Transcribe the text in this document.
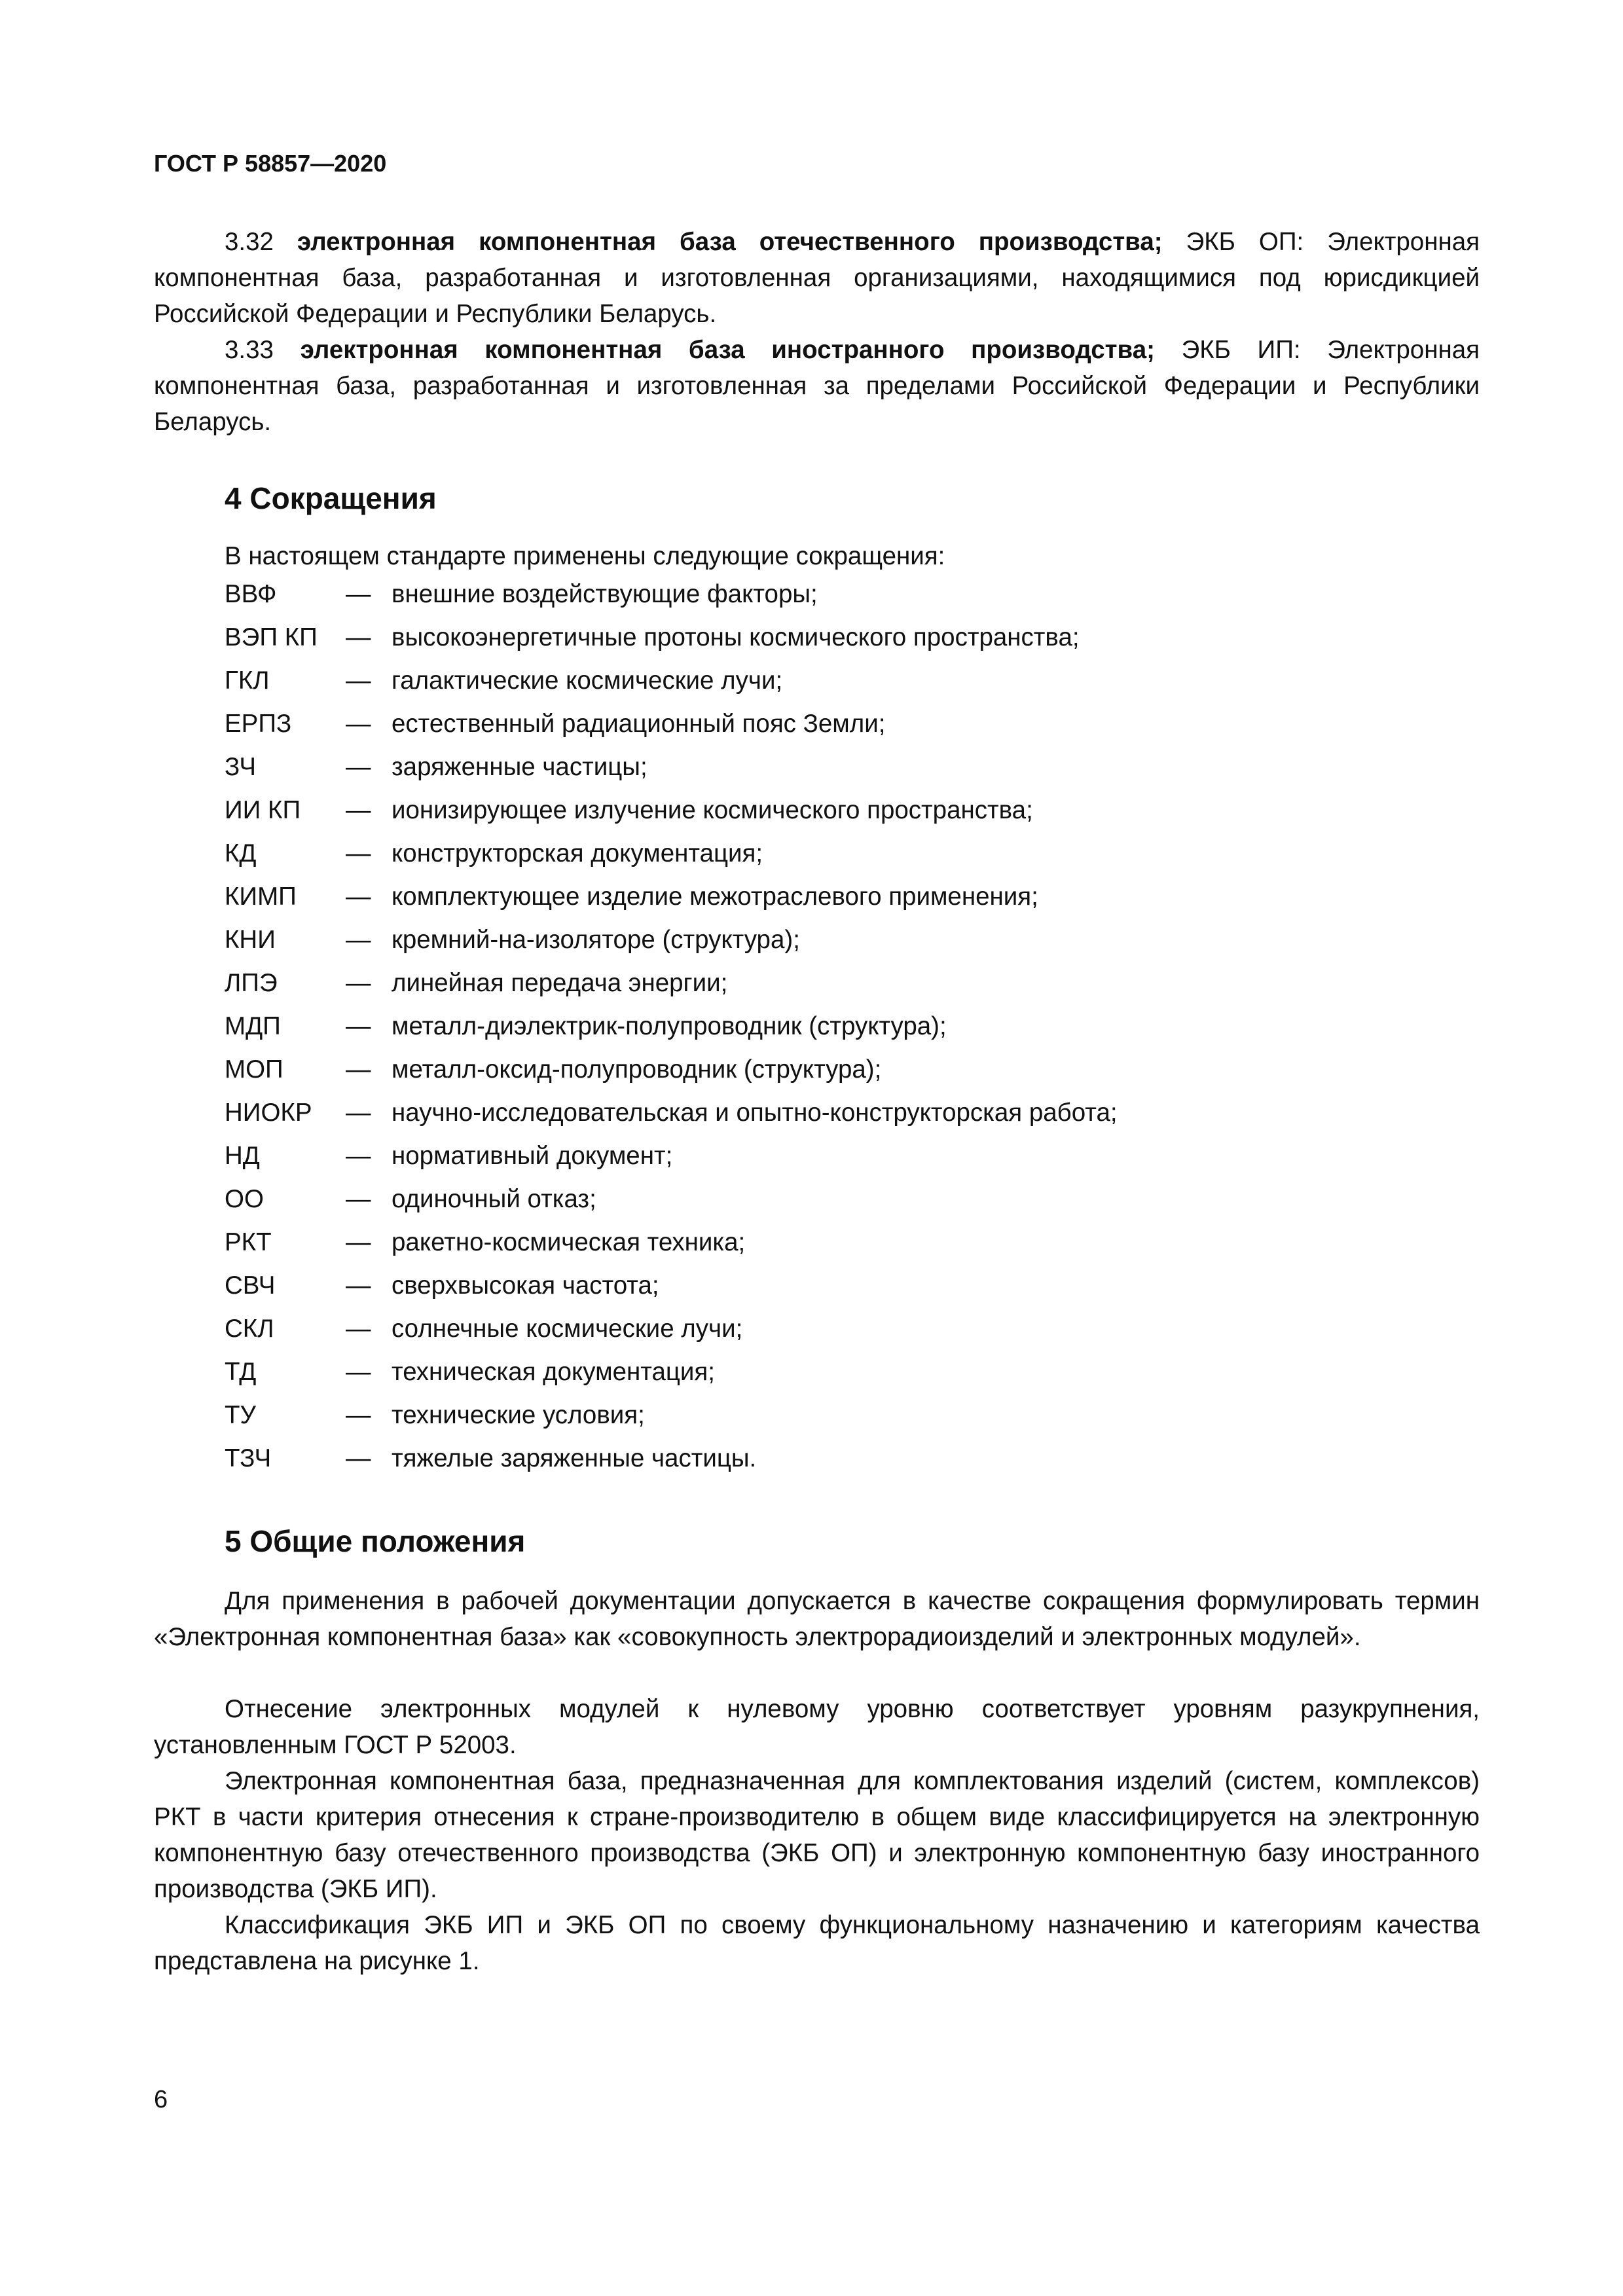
ГОСТ Р 58857—2020

3.32 электронная компонентная база отечественного производства; ЭКБ ОП: Электронная компонентная база, разработанная и изготовленная организациями, находящимися под юрисдикцией Российской Федерации и Республики Беларусь.

3.33 электронная компонентная база иностранного производства; ЭКБ ИП: Электронная компонентная база, разработанная и изготовленная за пределами Российской Федерации и Республики Беларусь.

4 Сокращения
В настоящем стандарте применены следующие сокращения:
ВВФ	— внешние воздействующие факторы;
ВЭП КП — высокоэнергетичные протоны космического пространства;
ГКЛ	— галактические космические лучи;
ЕРПЗ — естественный радиационный пояс Земли;
ЗЧ	— заряженные частицы;
ИИ КП — ионизирующее излучение космического пространства;
КД	— конструкторская документация;
КИМП — комплектующее изделие межотраслевого применения;
КНИ	— кремний-на-изоляторе (структура);
ЛПЭ	— линейная передача энергии;
МДП	— металл-диэлектрик-полупроводник (структура);
МОП — металл-оксид-полупроводник (структура);
НИОКР — научно-исследовательская и опытно-конструкторская работа;
НД	— нормативный документ;
ОО	— одиночный отказ;
РКТ	— ракетно-космическая техника;
СВЧ	— сверхвысокая частота;
СКЛ	— солнечные космические лучи;
ТД	— техническая документация;
ТУ	— технические условия;
ТЗЧ	— тяжелые заряженные частицы.
5 Общие положения

Для применения в рабочей документации допускается в качестве сокращения формулировать термин «Электронная компонентная база» как «совокупность электрорадиоизделий и электронных модулей».

Отнесение электронных модулей к нулевому уровню соответствует уровням разукрупнения, установленным ГОСТ Р 52003.

Электронная компонентная база, предназначенная для комплектования изделий (систем, комплексов) РКТ в части критерия отнесения к стране-производителю в общем виде классифицируется на электронную компонентную базу отечественного производства (ЭКБ ОП) и электронную компонентную базу иностранного производства (ЭКБ ИП).

Классификация ЭКБ ИП и ЭКБ ОП по своему функциональному назначению и категориям качества представлена на рисунке 1.

6
